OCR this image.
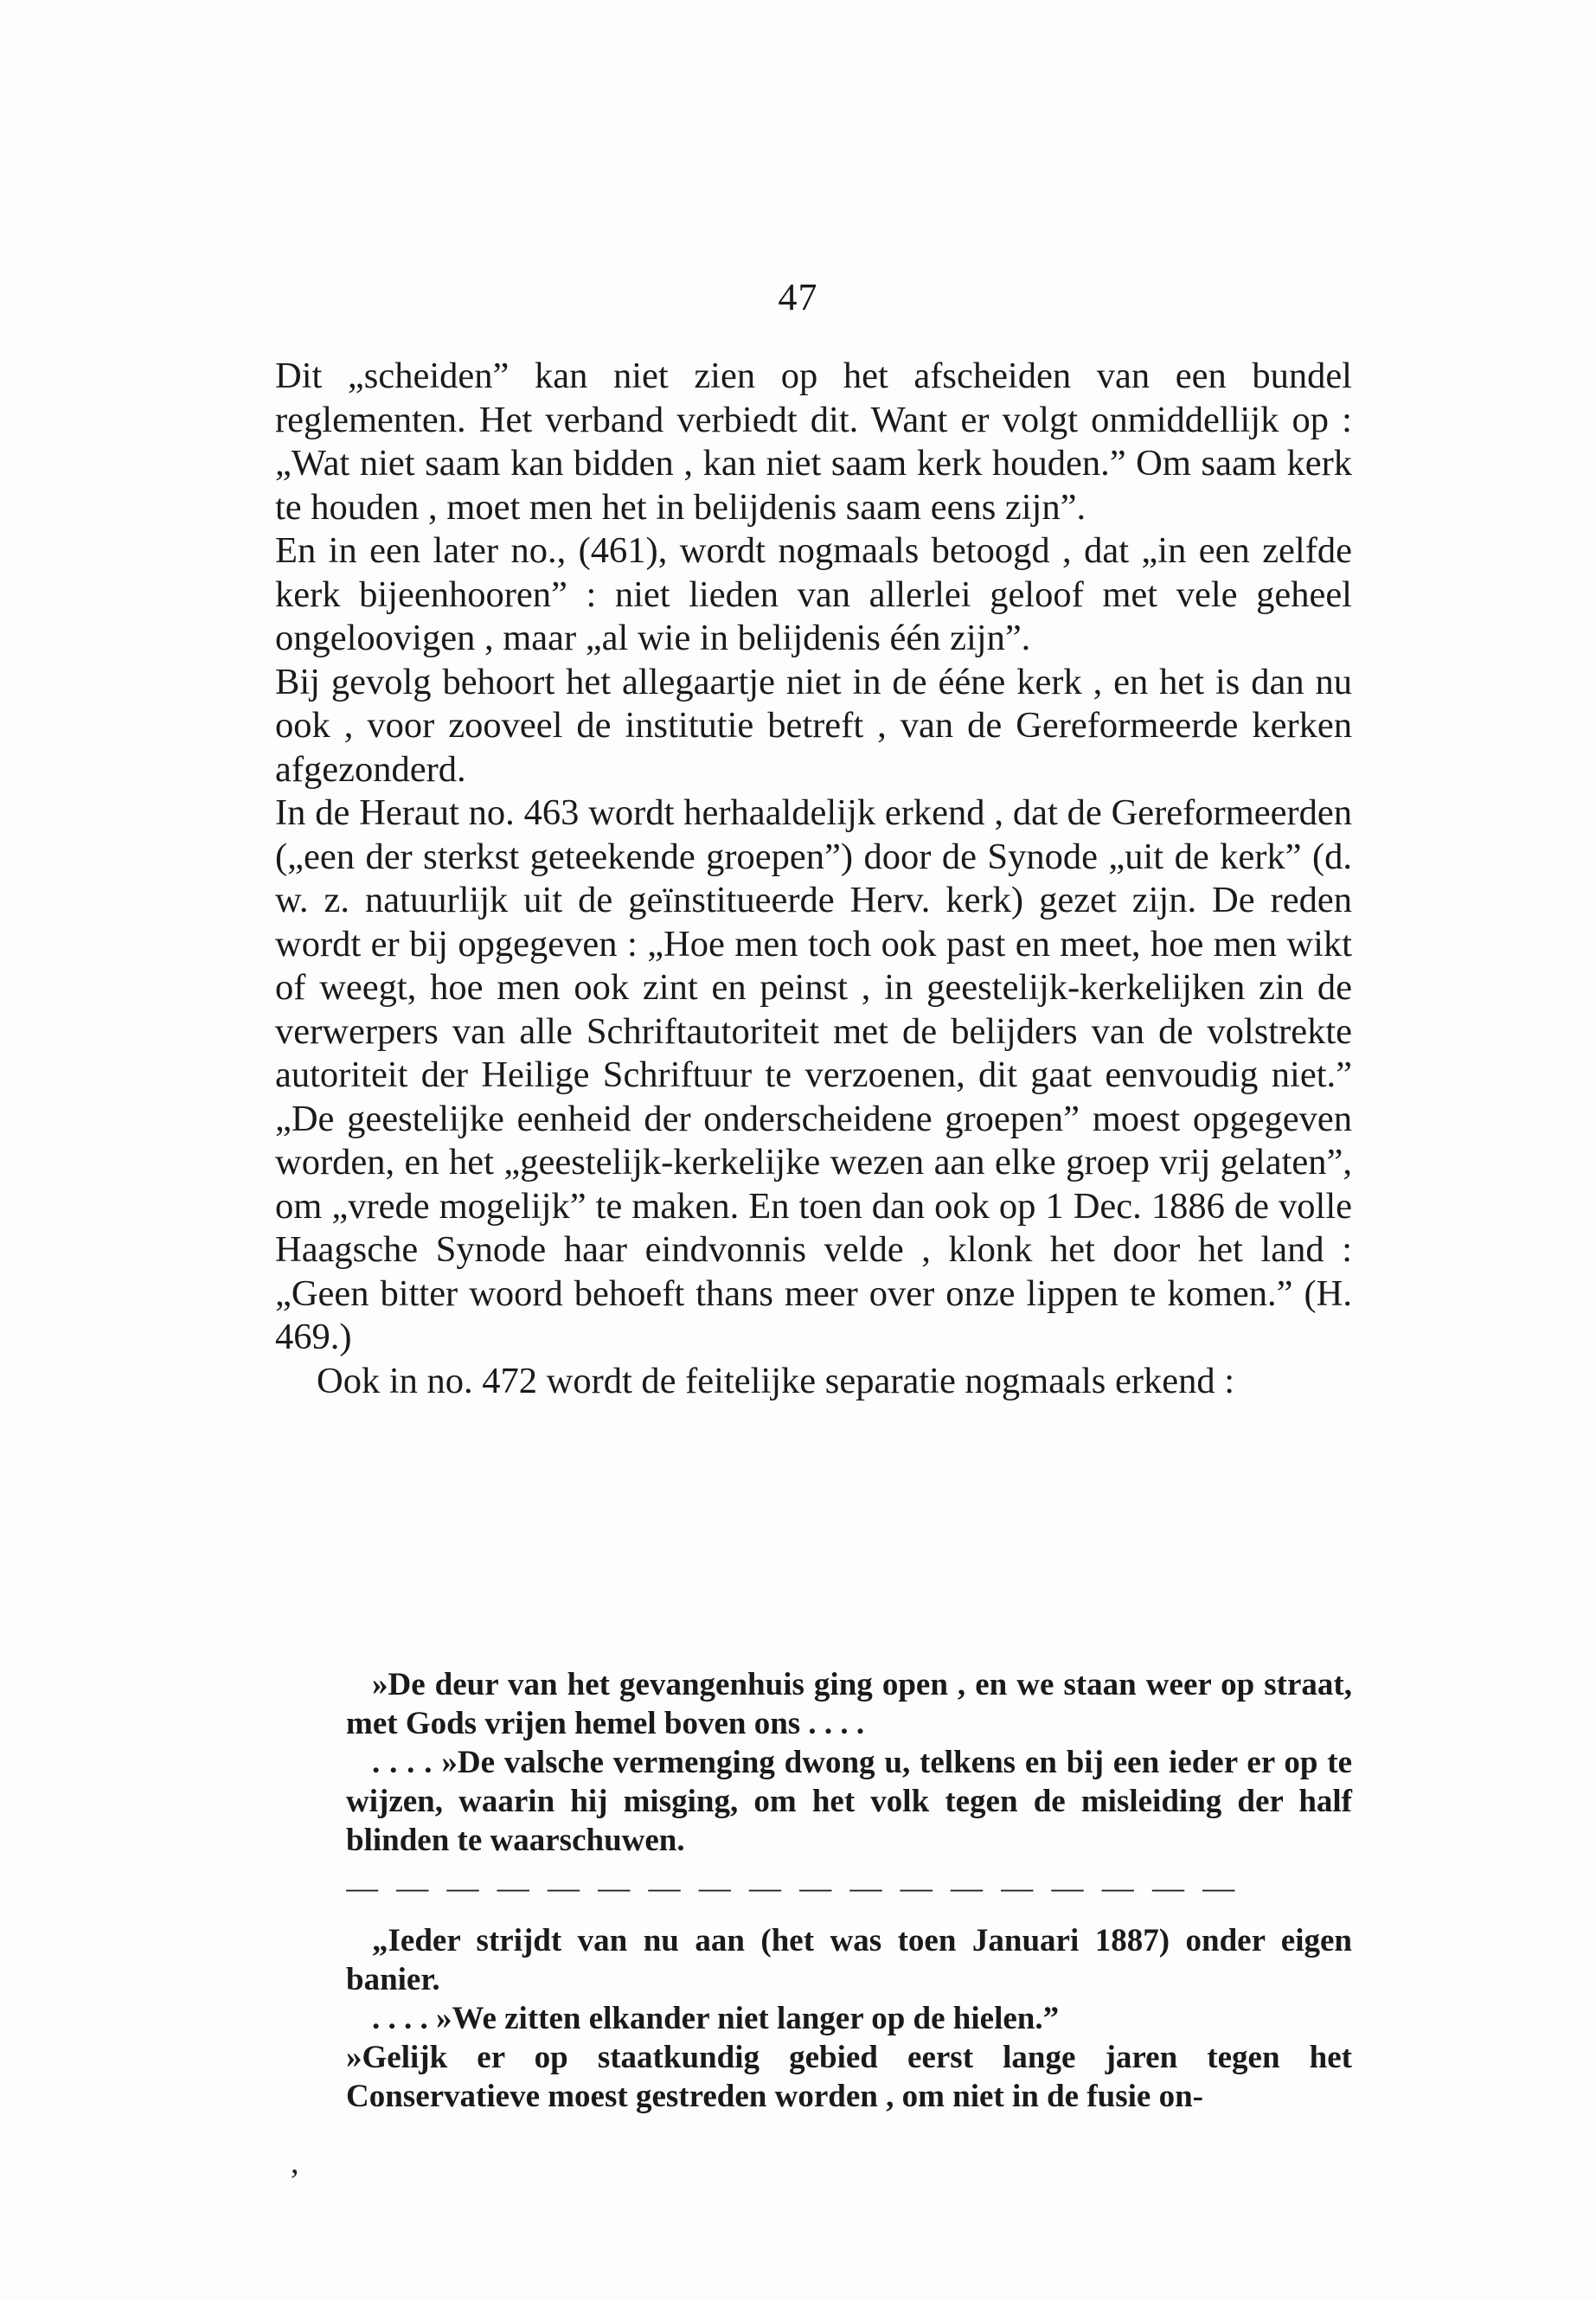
47

Dit „scheiden” kan niet zien op het afscheiden van een bundel reglementen. Het verband verbiedt dit. Want er volgt onmiddellijk op : „Wat niet saam kan bidden , kan niet saam kerk houden.” Om saam kerk te houden , moet men het in belijdenis saam eens zijn”.

En in een later no., (461), wordt nogmaals betoogd , dat „in een zelfde kerk bijeenhooren” : niet lieden van allerlei geloof met vele geheel ongeloovigen , maar „al wie in belijdenis één zijn”.

Bij gevolg behoort het allegaartje niet in de ééne kerk , en het is dan nu ook , voor zooveel de institutie betreft , van de Gereformeerde kerken afgezonderd.

In de Heraut no. 463 wordt herhaaldelijk erkend , dat de Gereformeerden („een der sterkst geteekende groepen”) door de Synode „uit de kerk” (d. w. z. natuurlijk uit de geïnstitueerde Herv. kerk) gezet zijn. De reden wordt er bij opgegeven : „Hoe men toch ook past en meet, hoe men wikt of weegt, hoe men ook zint en peinst , in geestelijk-kerkelijken zin de verwerpers van alle Schriftautoriteit met de belijders van de volstrekte autoriteit der Heilige Schriftuur te verzoenen, dit gaat eenvoudig niet.” „De geestelijke eenheid der onderscheidene groepen” moest opgegeven worden, en het „geestelijk-kerkelijke wezen aan elke groep vrij gelaten”, om „vrede mogelijk” te maken. En toen dan ook op 1 Dec. 1886 de volle Haagsche Synode haar eindvonnis velde , klonk het door het land : „Geen bitter woord behoeft thans meer over onze lippen te komen.” (H. 469.)

Ook in no. 472 wordt de feitelijke separatie nogmaals erkend :

»De deur van het gevangenhuis ging open , en we staan weer op straat, met Gods vrijen hemel boven ons . . . .

. . . . »De valsche vermenging dwong u, telkens en bij een ieder er op te wijzen, waarin hij misging, om het volk tegen de misleiding der half blinden te waarschuwen.

— — — — — — — — — — — — — — — — — —

„Ieder strijdt van nu aan (het was toen Januari 1887) onder eigen banier.

. . . . »We zitten elkander niet langer op de hielen.”

»Gelijk er op staatkundig gebied eerst lange jaren tegen het Conservatieve moest gestreden worden , om niet in de fusie on-

,
